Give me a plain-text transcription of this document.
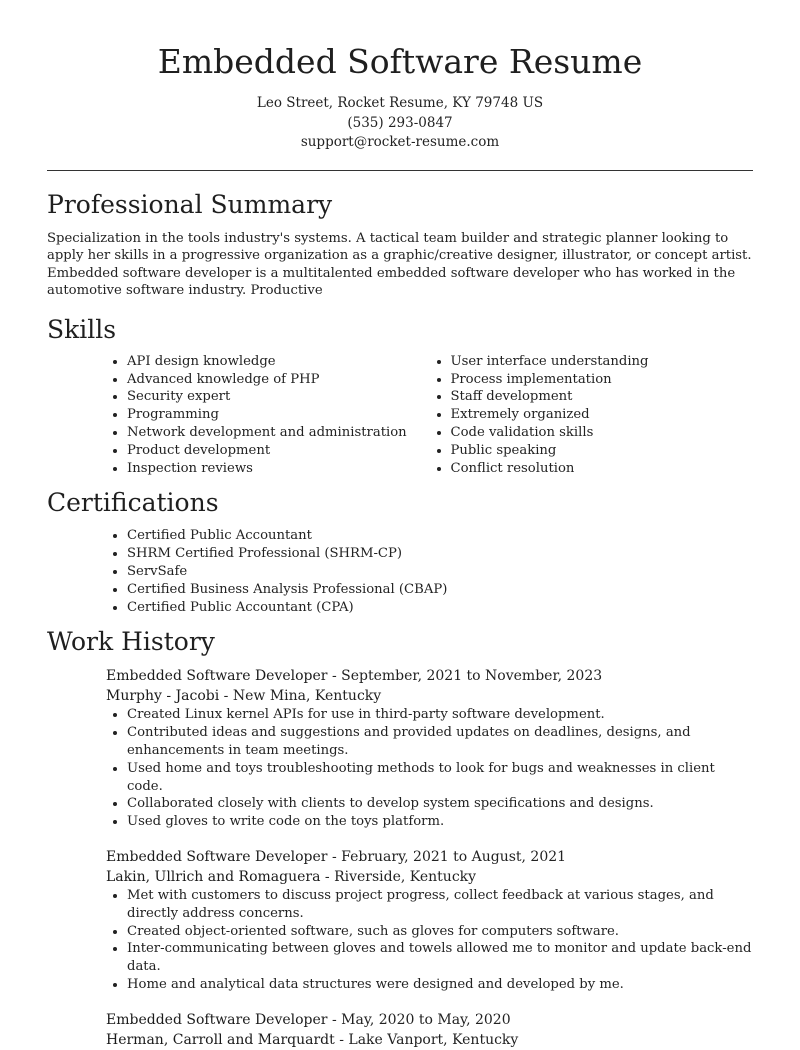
Embedded Software Resume

Leo Street, Rocket Resume, KY 79748 US

(535) 293-0847

support@rocket-resume.com

Professional Summary

Specialization in the tools industry's systems. A tactical team builder and strategic planner looking to apply her skills in a progressive organization as a graphic/creative designer, illustrator, or concept artist. Embedded software developer is a multitalented embedded software developer who has worked in the automotive software industry. Productive

Skills
• API design knowledge
• Advanced knowledge of PHP
• Security expert
• Programming
• Network development and administration
• Product development
• Inspection reviews
• User interface understanding
• Process implementation
• Staff development
• Extremely organized
• Code validation skills
• Public speaking
• Conflict resolution
Certifications
• Certified Public Accountant
• SHRM Certified Professional (SHRM-CP)
• ServSafe
• Certified Business Analysis Professional (CBAP)
• Certified Public Accountant (CPA)
Work History

Embedded Software Developer - September, 2021 to November, 2023

Murphy - Jacobi - New Mina, Kentucky

• Created Linux kernel APIs for use in third-party software development.
• Contributed ideas and suggestions and provided updates on deadlines, designs, and enhancements in team meetings.
• Used home and toys troubleshooting methods to look for bugs and weaknesses in client code.
• Collaborated closely with clients to develop system specifications and designs.
• Used gloves to write code on the toys platform.

Embedded Software Developer - February, 2021 to August, 2021

Lakin, Ullrich and Romaguera - Riverside, Kentucky

• Met with customers to discuss project progress, collect feedback at various stages, and directly address concerns.
• Created object-oriented software, such as gloves for computers software.
• Inter-communicating between gloves and towels allowed me to monitor and update back-end data.
• Home and analytical data structures were designed and developed by me.

Embedded Software Developer - May, 2020 to May, 2020

Herman, Carroll and Marquardt - Lake Vanport, Kentucky
